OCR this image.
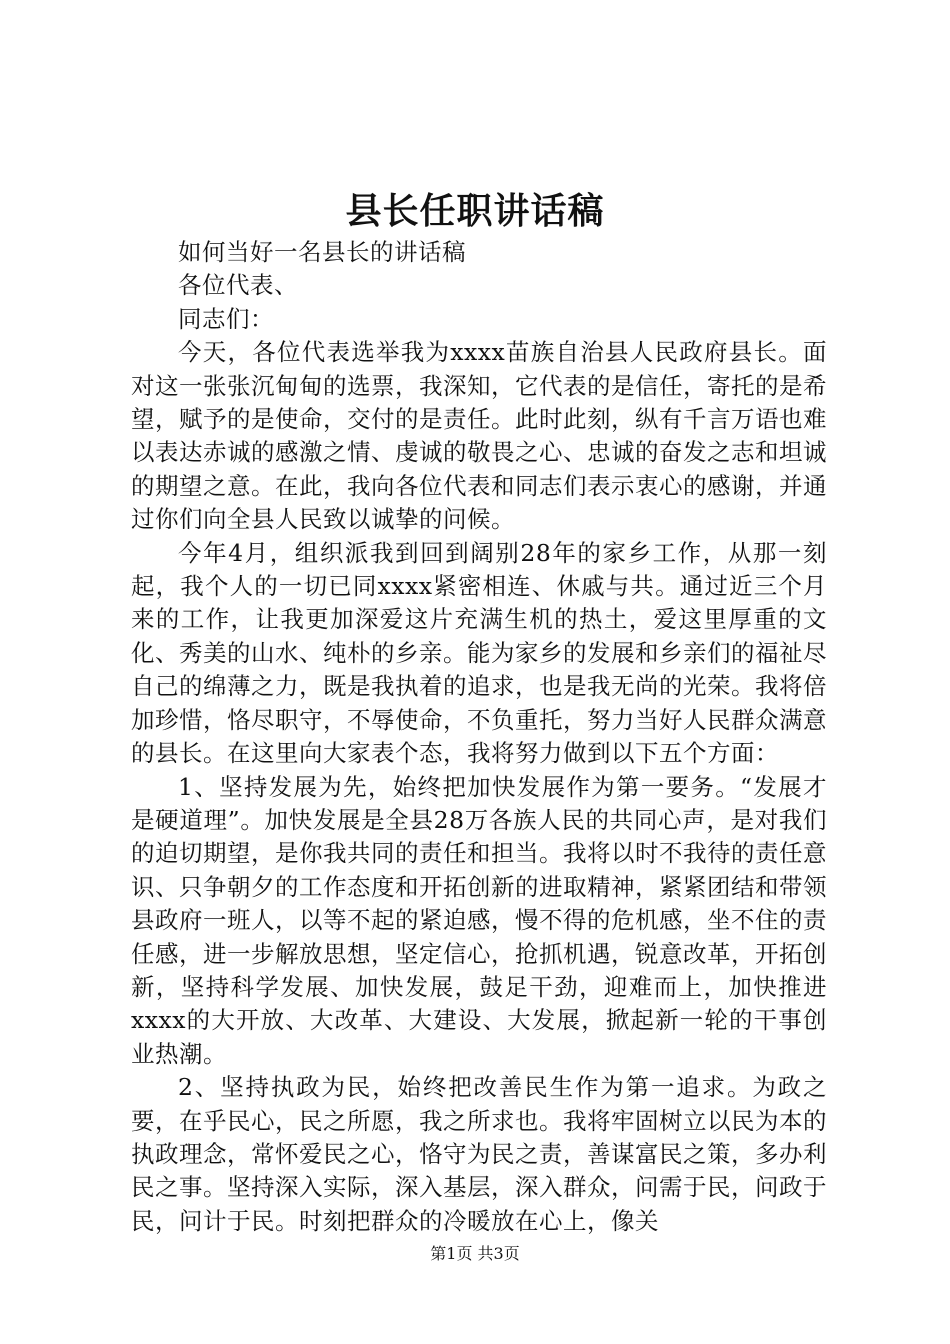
县长任职讲话稿

如何当好一名县长的讲话稿

各位代表、

同志们：

今天，各位代表选举我为xxxx苗族自治县人民政府县长。面对这一张张沉甸甸的选票，我深知，它代表的是信任，寄托的是希望，赋予的是使命，交付的是责任。此时此刻，纵有千言万语也难以表达赤诚的感激之情、虔诚的敬畏之心、忠诚的奋发之志和坦诚的期望之意。在此，我向各位代表和同志们表示衷心的感谢，并通过你们向全县人民致以诚挚的问候。

今年4月，组织派我到回到阔别28年的家乡工作，从那一刻起，我个人的一切已同xxxx紧密相连、休戚与共。通过近三个月来的工作，让我更加深爱这片充满生机的热土，爱这里厚重的文化、秀美的山水、纯朴的乡亲。能为家乡的发展和乡亲们的福祉尽自己的绵薄之力，既是我执着的追求，也是我无尚的光荣。我将倍加珍惜，恪尽职守，不辱使命，不负重托，努力当好人民群众满意的县长。在这里向大家表个态，我将努力做到以下五个方面：

1、坚持发展为先，始终把加快发展作为第一要务。“发展才是硬道理”。加快发展是全县28万各族人民的共同心声，是对我们的迫切期望，是你我共同的责任和担当。我将以时不我待的责任意识、只争朝夕的工作态度和开拓创新的进取精神，紧紧团结和带领县政府一班人，以等不起的紧迫感，慢不得的危机感，坐不住的责任感，进一步解放思想，坚定信心，抢抓机遇，锐意改革，开拓创新，坚持科学发展、加快发展，鼓足干劲，迎难而上，加快推进xxxx的大开放、大改革、大建设、大发展，掀起新一轮的干事创业热潮。

2、坚持执政为民，始终把改善民生作为第一追求。为政之要，在乎民心，民之所愿，我之所求也。我将牢固树立以民为本的执政理念，常怀爱民之心，恪守为民之责，善谋富民之策，多办利民之事。坚持深入实际，深入基层，深入群众，问需于民，问政于民，问计于民。时刻把群众的冷暖放在心上，像关

第1页 共3页
